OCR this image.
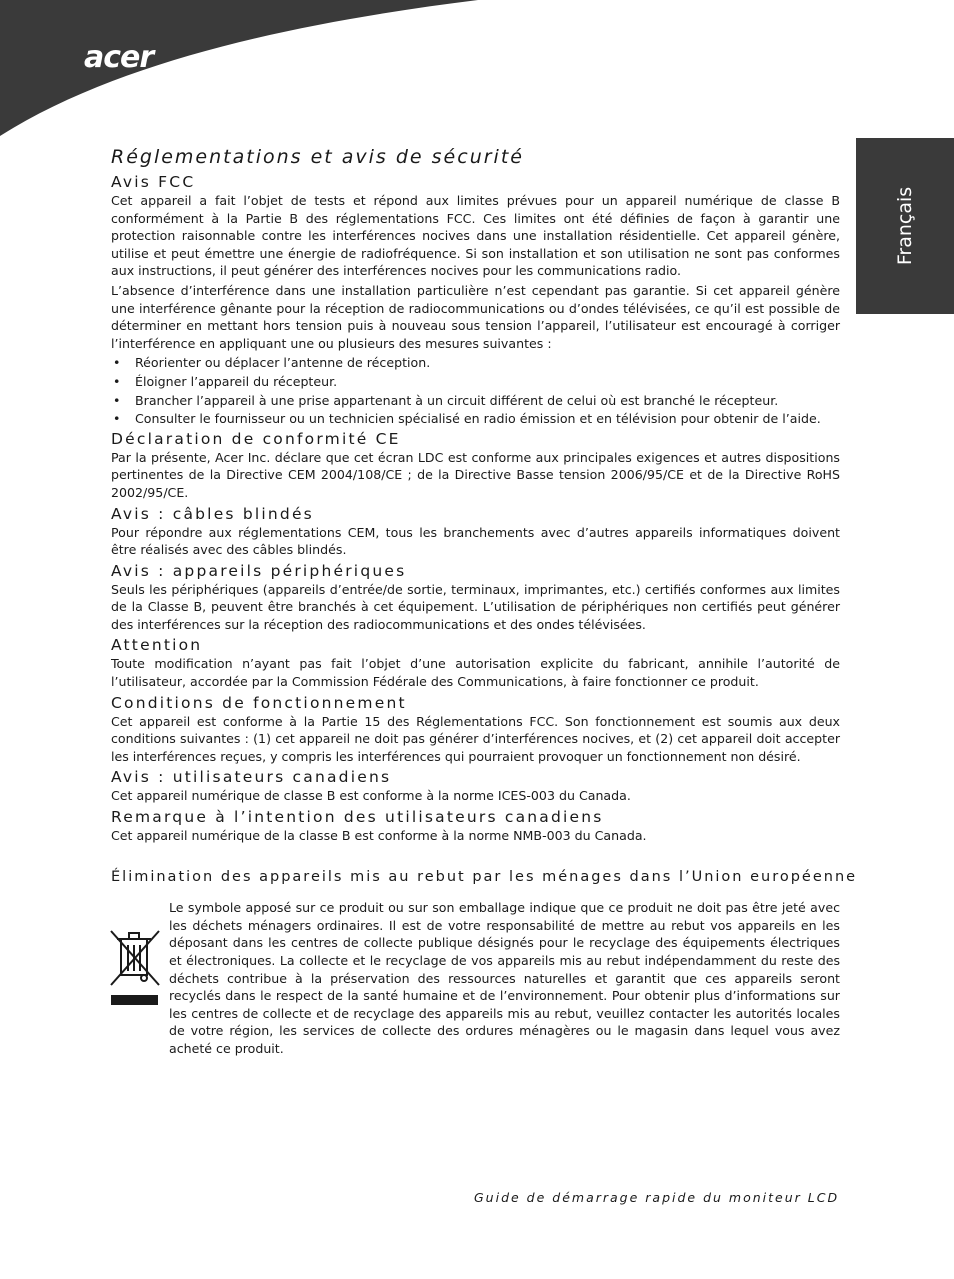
acer
Français
Réglementations et avis de sécurité
Avis FCC

Cet appareil a fait l’objet de tests et répond aux limites prévues pour un appareil numérique de classe B conformément à la Partie B des réglementations FCC. Ces limites ont été définies de façon à garantir une protection raisonnable contre les interférences nocives dans une installation résidentielle. Cet appareil génère, utilise et peut émettre une énergie de radiofréquence. Si son installation et son utilisation ne sont pas conformes aux instructions, il peut générer des interférences nocives pour les communications radio.

L’absence d’interférence dans une installation particulière n’est cependant pas garantie. Si cet appareil génère une interférence gênante pour la réception de radiocommunications ou d’ondes télévisées, ce qu’il est possible de déterminer en mettant hors tension puis à nouveau sous tension l’appareil, l’utilisateur est encouragé à corriger l’interférence en appliquant une ou plusieurs des mesures suivantes :

• Réorienter ou déplacer l’antenne de réception.
• Éloigner l’appareil du récepteur.
• Brancher l’appareil à une prise appartenant à un circuit différent de celui où est branché le récepteur.
• Consulter le fournisseur ou un technicien spécialisé en radio émission et en télévision pour obtenir de l’aide.
Déclaration de conformité CE

Par la présente, Acer Inc. déclare que cet écran LDC est conforme aux principales exigences et autres dispositions pertinentes de la Directive CEM 2004/108/CE ; de la Directive Basse tension 2006/95/CE et de la Directive RoHS 2002/95/CE.

Avis : câbles blindés

Pour répondre aux réglementations CEM, tous les branchements avec d’autres appareils informatiques doivent être réalisés avec des câbles blindés.

Avis : appareils périphériques

Seuls les périphériques (appareils d’entrée/de sortie, terminaux, imprimantes, etc.) certifiés conformes aux limites de la Classe B, peuvent être branchés à cet équipement. L’utilisation de périphériques non certifiés peut générer des interférences sur la réception des radiocommunications et des ondes télévisées.

Attention

Toute modification n’ayant pas fait l’objet d’une autorisation explicite du fabricant, annihile l’autorité de l’utilisateur, accordée par la Commission Fédérale des Communications, à faire fonctionner ce produit.

Conditions de fonctionnement

Cet appareil est conforme à la Partie 15 des Réglementations FCC. Son fonctionnement est soumis aux deux conditions suivantes : (1) cet appareil ne doit pas générer d’interférences nocives, et (2) cet appareil doit accepter les interférences reçues, y compris les interférences qui pourraient provoquer un fonctionnement non désiré.

Avis : utilisateurs canadiens

Cet appareil numérique de classe B est conforme à la norme ICES-003 du Canada.

Remarque à l’intention des utilisateurs canadiens

Cet appareil numérique de la classe B est conforme à la norme NMB-003 du Canada.

Élimination des appareils mis au rebut par les ménages dans l’Union européenne

Le symbole apposé sur ce produit ou sur son emballage indique que ce produit ne doit pas être jeté avec les déchets ménagers ordinaires. Il est de votre responsabilité de mettre au rebut vos appareils en les déposant dans les centres de collecte publique désignés pour le recyclage des équipements électriques et électroniques. La collecte et le recyclage de vos appareils mis au rebut indépendamment du reste des déchets contribue à la préservation des ressources naturelles et garantit que ces appareils seront recyclés dans le respect de la santé humaine et de l’environnement. Pour obtenir plus d’informations sur les centres de collecte et de recyclage des appareils mis au rebut, veuillez contacter les autorités locales de votre région, les services de collecte des ordures ménagères ou le magasin dans lequel vous avez acheté ce produit.

Guide de démarrage rapide du moniteur LCD
